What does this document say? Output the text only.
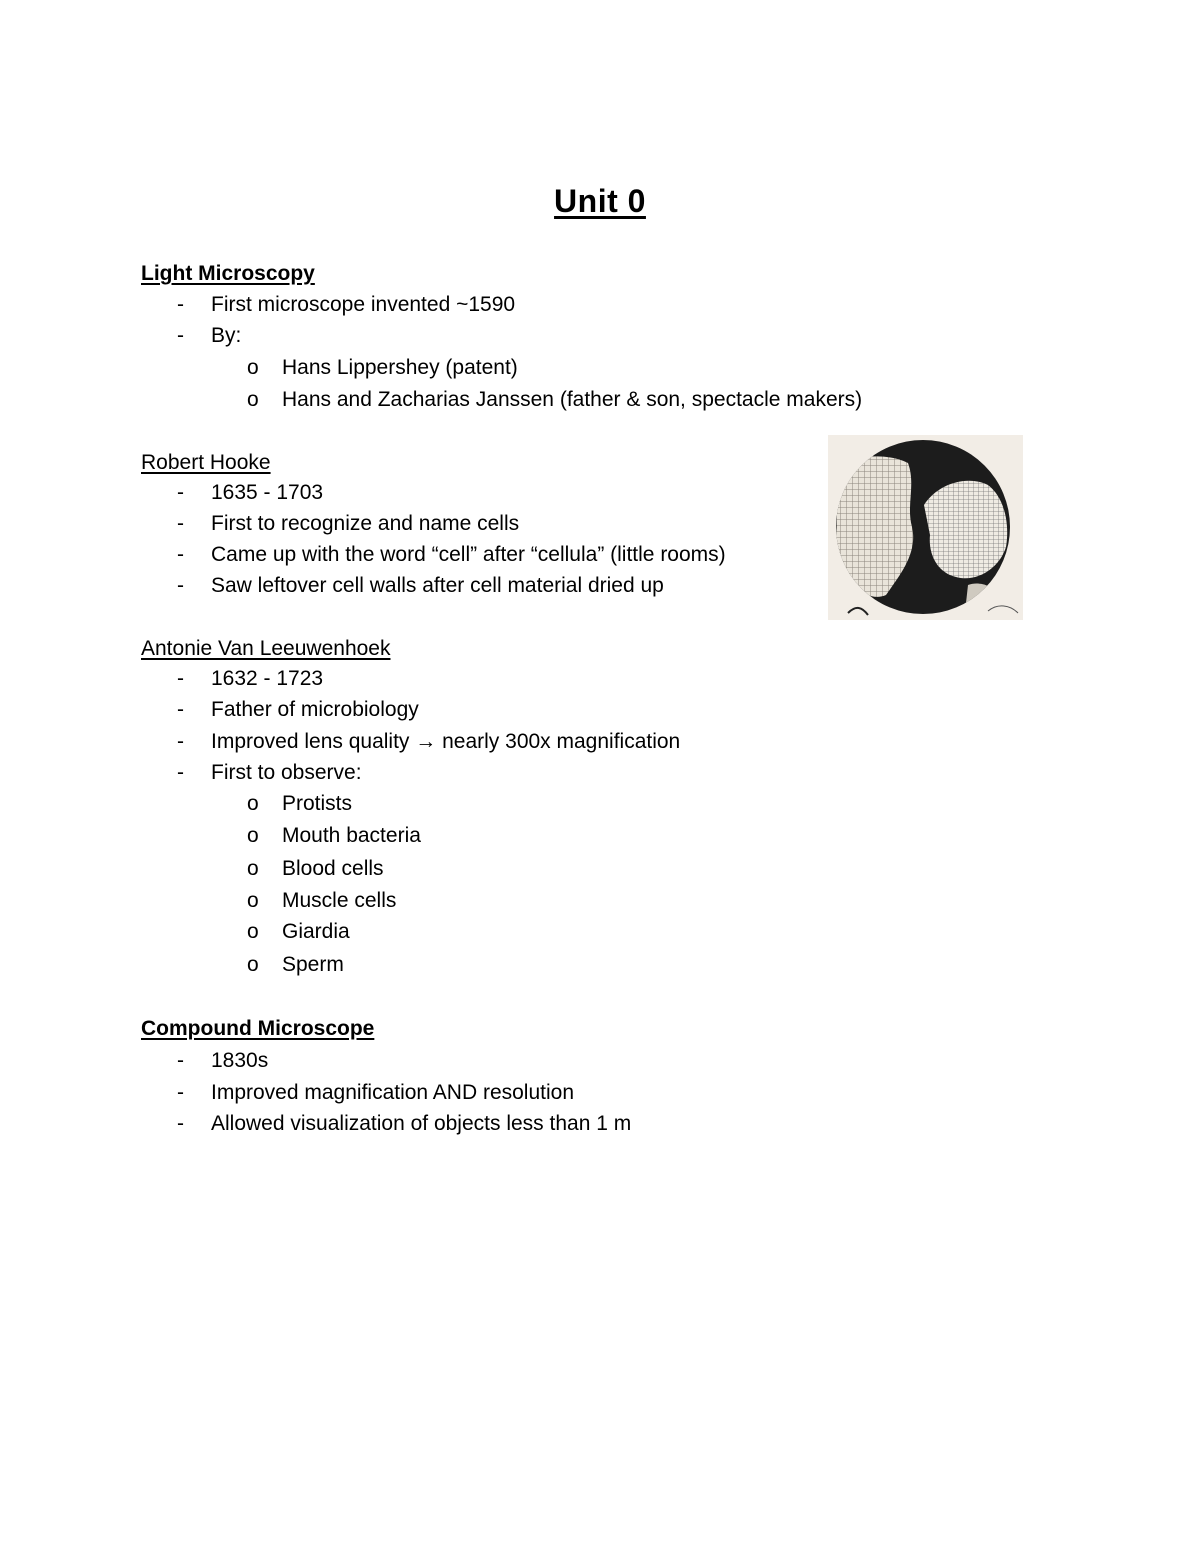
Unit 0
Light Microscopy
- First microscope invented ~1590
- By:
o Hans Lippershey (patent)
o Hans and Zacharias Janssen (father & son, spectacle makers)
Robert Hooke
- 1635 - 1703
- First to recognize and name cells
- Came up with the word “cell” after “cellula” (little rooms)
- Saw leftover cell walls after cell material dried up
Antonie Van Leeuwenhoek
- 1632 - 1723
- Father of microbiology
- Improved lens quality → nearly 300x magnification
- First to observe:
o Protists
o Mouth bacteria
o Blood cells
o Muscle cells
o Giardia
o Sperm
Compound Microscope
- 1830s
- Improved magnification AND resolution
- Allowed visualization of objects less than 1 m
